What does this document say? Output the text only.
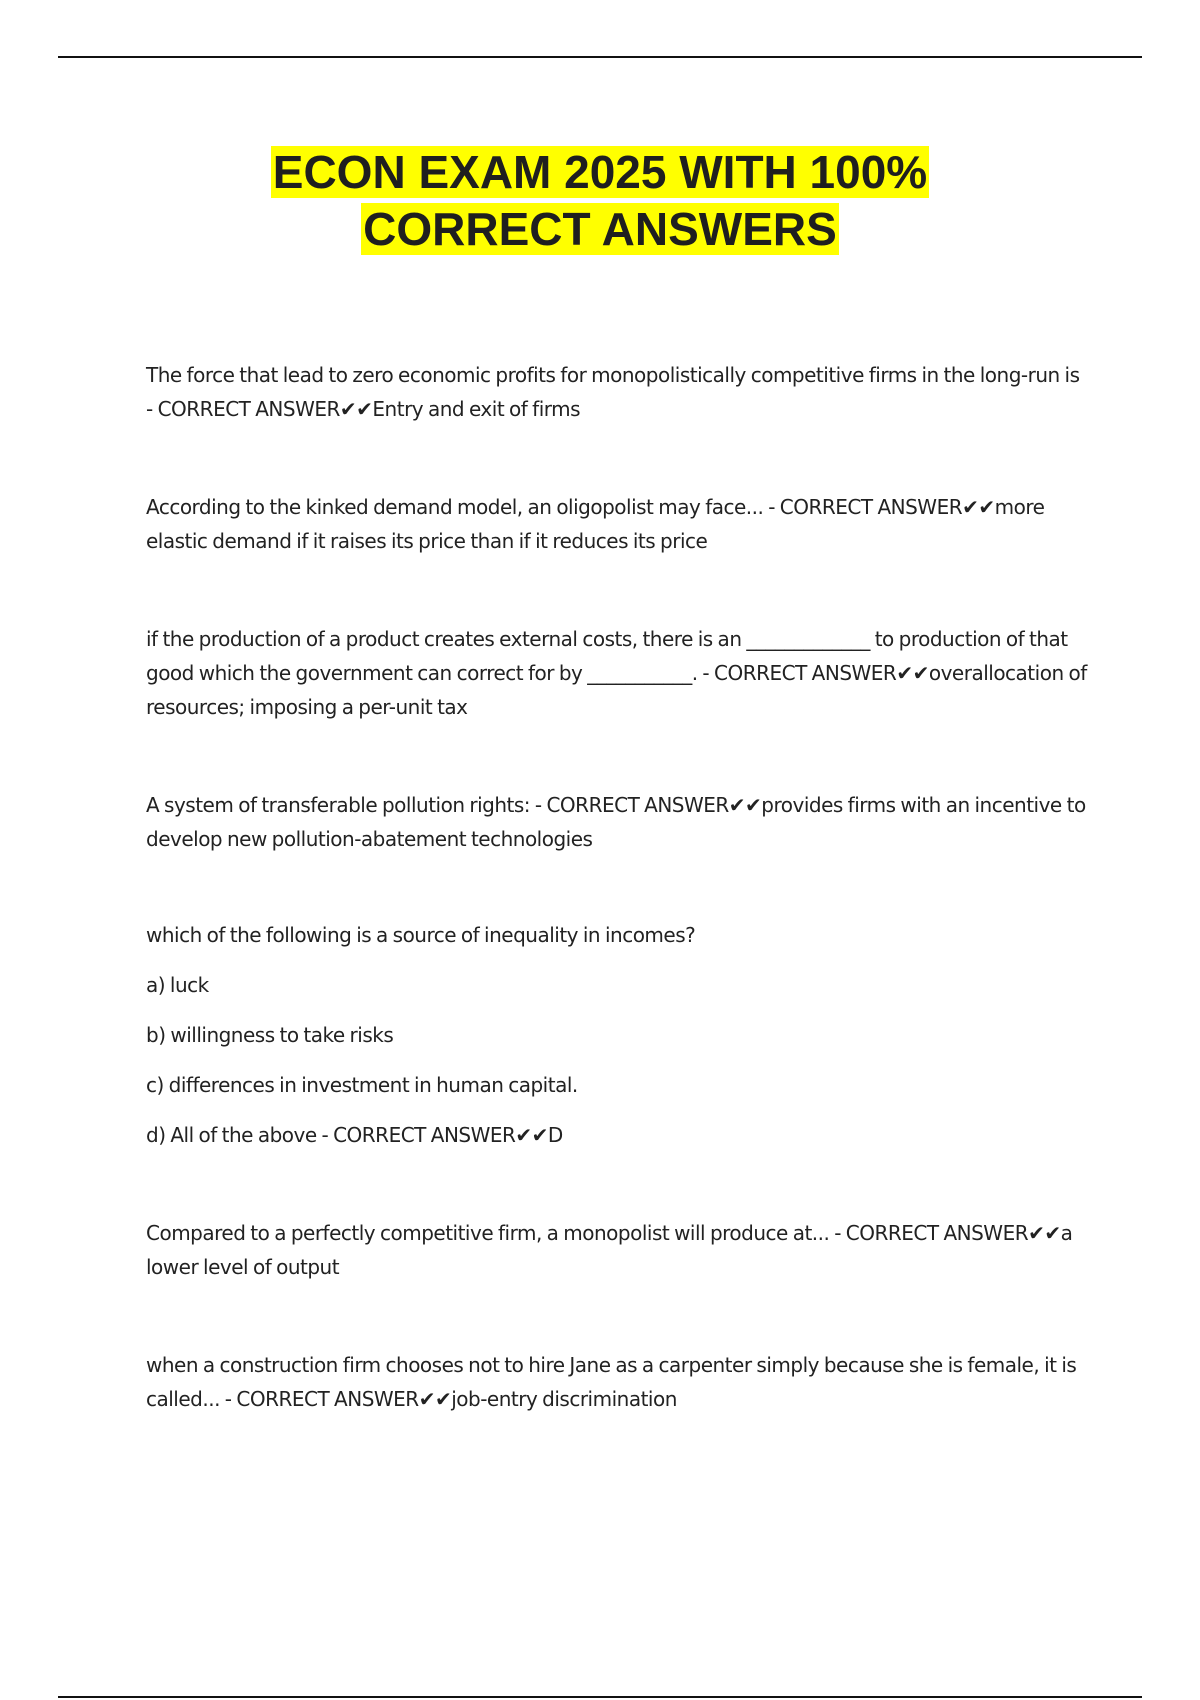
ECON EXAM 2025 WITH 100%
CORRECT ANSWERS

The force that lead to zero economic profits for monopolistically competitive firms in the long-run is - CORRECT ANSWER✔✔Entry and exit of firms

According to the kinked demand model, an oligopolist may face... - CORRECT ANSWER✔✔more elastic demand if it raises its price than if it reduces its price

if the production of a product creates external costs, there is an _____________ to production of that good which the government can correct for by ___________. - CORRECT ANSWER✔✔overallocation of resources; imposing a per-unit tax

A system of transferable pollution rights: - CORRECT ANSWER✔✔provides firms with an incentive to develop new pollution-abatement technologies

which of the following is a source of inequality in incomes?

a) luck

b) willingness to take risks

c) differences in investment in human capital.

d) All of the above - CORRECT ANSWER✔✔D

Compared to a perfectly competitive firm, a monopolist will produce at... - CORRECT ANSWER✔✔a lower level of output

when a construction firm chooses not to hire Jane as a carpenter simply because she is female, it is called... - CORRECT ANSWER✔✔job-entry discrimination
